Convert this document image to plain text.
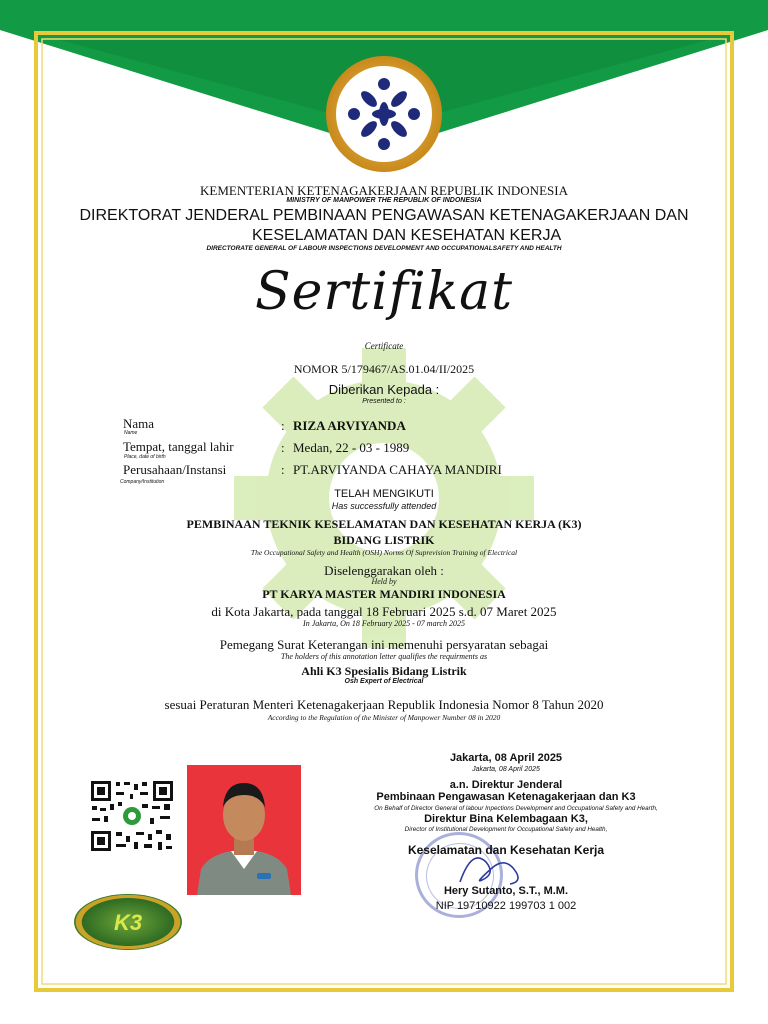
KEMENTERIAN KETENAGAKERJAAN REPUBLIK INDONESIA
MINISTRY OF MANPOWER THE REPUBLIK OF INDONESIA
DIREKTORAT JENDERAL PEMBINAAN PENGAWASAN KETENAGAKERJAAN DAN
KESELAMATAN DAN KESEHATAN KERJA
DIRECTORATE GENERAL OF LABOUR INSPECTIONS DEVELOPMENT AND OCCUPATIONALSAFETY AND HEALTH
Sertifikat
Certificate
NOMOR 5/179467/AS.01.04/II/2025
Diberikan Kepada :
Presented to :
Nama
Name	: RIZA ARVIYANDA
Tempat, tanggal lahir
Place, date of birth
: Medan, 22 - 03 - 1989
Perusahaan/Instansi
Company/Institution
: PT.ARVIYANDA CAHAYA MANDIRI
TELAH MENGIKUTI
Has successfully attended
PEMBINAAN TEKNIK KESELAMATAN DAN KESEHATAN KERJA (K3)
BIDANG LISTRIK
The Occupational Safety and Health (OSH) Norms Of Suprevision Training of Electrical
Diselenggarakan oleh :
Held by
PT KARYA MASTER MANDIRI INDONESIA
di Kota Jakarta, pada tanggal 18 Februari 2025 s.d. 07 Maret 2025
In Jakarta, On 18 February 2025 - 07 march 2025
Pemegang Surat Keterangan ini memenuhi persyaratan sebagai
The holders of this annotation letter qualifies the requirments as
Ahli K3 Spesialis Bidang Listrik
Osh Expert of Electrical
sesuai Peraturan Menteri Ketenagakerjaan Republik Indonesia Nomor 8 Tahun 2020
According to the Regulation of the Minister of Manpower Number 08 in 2020
K3
Jakarta, 08 April 2025
Jakarta, 08 April 2025
a.n. Direktur Jenderal
Pembinaan Pengawasan Ketenagakerjaan dan K3
On Behalf of Director General of labour Inpections Development and Occupational Safety and Hearth,
Direktur Bina Kelembagaan K3,
Director of Institutional Development for Occupational Safety and Health,
Keselamatan dan Kesehatan Kerja
Hery Sutanto, S.T., M.M.
NIP 19710922 199703 1 002
